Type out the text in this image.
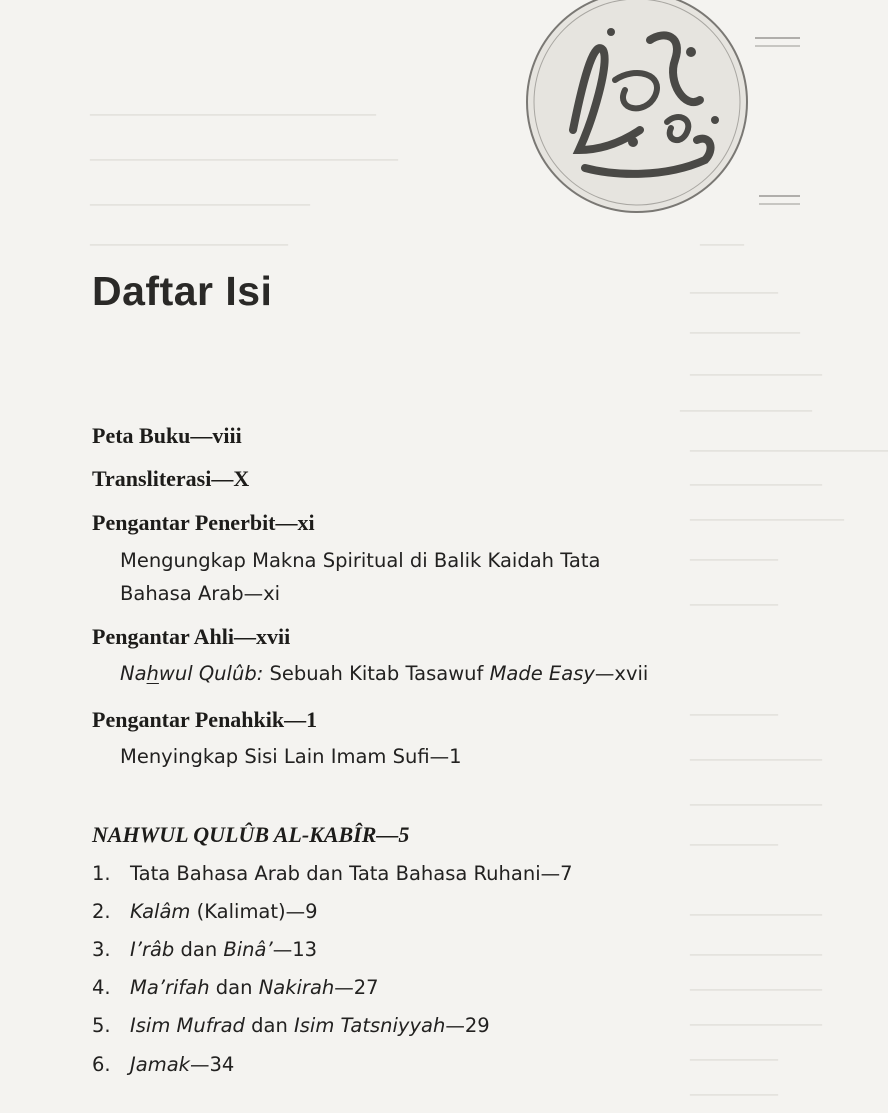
——
————
—————
——————
——————
—————————
——————
———————
————
————
————
——————
——————
————
——————
——————
——————
——————
————
————
—————————————
——————————————
——————————
—————————
Daftar Isi
Peta Buku—viii
Transliterasi—X
Pengantar Penerbit—xi
Mengungkap Makna Spiritual di Balik Kaidah Tata
Bahasa Arab—xi
Pengantar Ahli—xvii
Nahwul Qulûb: Sebuah Kitab Tasawuf Made Easy—xvii
Pengantar Penahkik—1
Menyingkap Sisi Lain Imam Sufi—1
NAHWUL QULÛB AL-KABÎR—5
1. Tata Bahasa Arab dan Tata Bahasa Ruhani—7
2. Kalâm (Kalimat)—9
3. I’râb dan Binâ’—13
4. Ma’rifah dan Nakirah—27
5. Isim Mufrad dan Isim Tatsniyyah—29
6. Jamak—34
